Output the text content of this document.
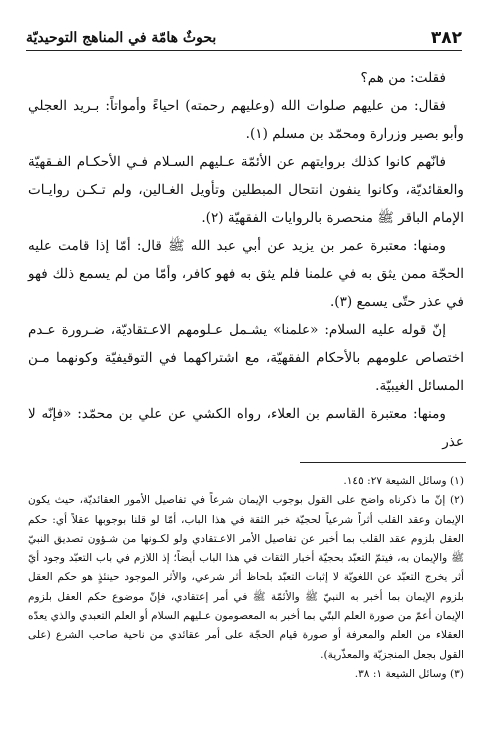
٣٨٢
بحوثٌ هامّة في المناهج التوحيديّة

فقلت: من هم؟

فقال: من عليهم صلوات الله (وعليهم رحمته) احياءً وأمواتاً: بـريد العجلي وأبو بصير وزرارة ومحمّد بن مسلم (١).

فانّهم كانوا كذلك بروايتهم عن الأئمّة عـليهم السـلام فـي الأحكـام الفـقهيّة والعقائديّة، وكانوا ينفون انتحال المبطلين وتأويل الغـالين، ولم تـكـن روايـات الإمام الباقر ﷺ منحصرة بالروايات الفقهيّة (٢).

ومنها: معتبرة عمر بن يزيد عن أبي عبد الله ﷺ قال: أمّا إذا قامت عليه الحجّة ممن يثق به في علمنا فلم يثق به فهو كافر، وأمّا من لم يسمع ذلك فهو في عذر حتّى يسمع (٣).

إنّ قوله عليه السلام: «علمنا» يشـمل عـلومهم الاعـتقاديّة، ضـرورة عـدم اختصاص علومهم بالأحكام الفقهيّة، مع اشتراكهما في التوقيفيّة وكونهما مـن المسائل الغيبيّة.

ومنها: معتبرة القاسم بن العلاء، رواه الكشي عن علي بن محمّد: «فإنّه لا عذر

(١) وسائل الشيعة ٢٧: ١٤٥.

(٢) إنّ ما ذكرناه واضح على القول بوجوب الإيمان شرعاً في تفاصيل الأمور العقائديّة، حيث يكون الإيمان وعقد القلب أثراً شرعياً لحجيّة خبر الثقة في هذا الباب، أمّا لو قلنا بوجوبها عقلاً أي: حكم العقل بلزوم عقد القلب بما أخبر عن تفاصيل الأمر الاعـتقادي ولو لكـونها من شـؤون تصديق النبيّ ﷺ والإيمان به، فيتمّ التعبّد بحجيّة أخبار الثقات في هذا الباب أيضاً؛ إذ اللازم في باب التعبّد وجود أيّ أثر يخرج التعبّد عن اللغويّة لا إثبات التعبّد بلحاظ أثر شرعي، والأثر الموجود حينئذٍ هو حكم العقل بلزوم الإيمان بما أخبر به النبيّ ﷺ والأئمّة ﷺ في أمر إعتقادي، فإنّ موضوع حكم العقل بلزوم الإيمان أعمّ من صورة العلم البتّي بما أخبر به المعصومون عـليهم السلام أو العلم التعبدي والذي يعدّه العقلاء من العلم والمعرفة أو صورة قيام الحجّة على أمر عقائدي من ناحية صاحب الشرع (على القول بجعل المنجزيّة والمعذّرية).

(٣) وسائل الشيعة ١: ٣٨.
